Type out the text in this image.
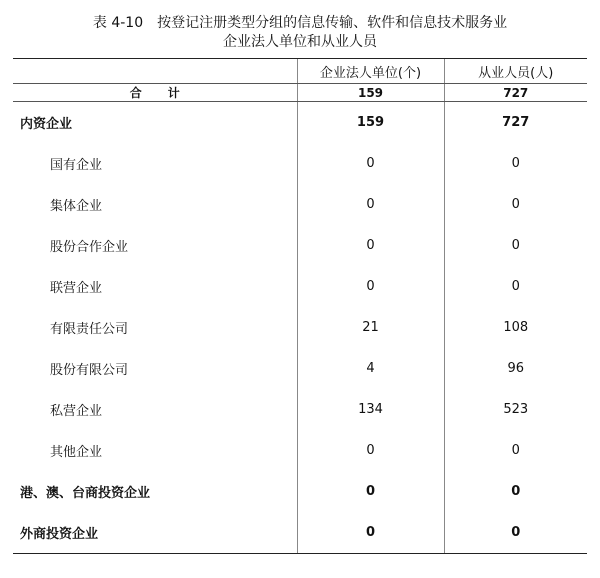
表 4-10　按登记注册类型分组的信息传输、软件和信息技术服务业
企业法人单位和从业人员
	企业法人单位(个)	从业人员(人)
合计	159	727
内资企业	159	727
国有企业	0	0
集体企业	0	0
股份合作企业	0	0
联营企业	0	0
有限责任公司	21	108
股份有限公司	4	96
私营企业	134	523
其他企业	0	0
港、澳、台商投资企业	0	0
外商投资企业	0	0
